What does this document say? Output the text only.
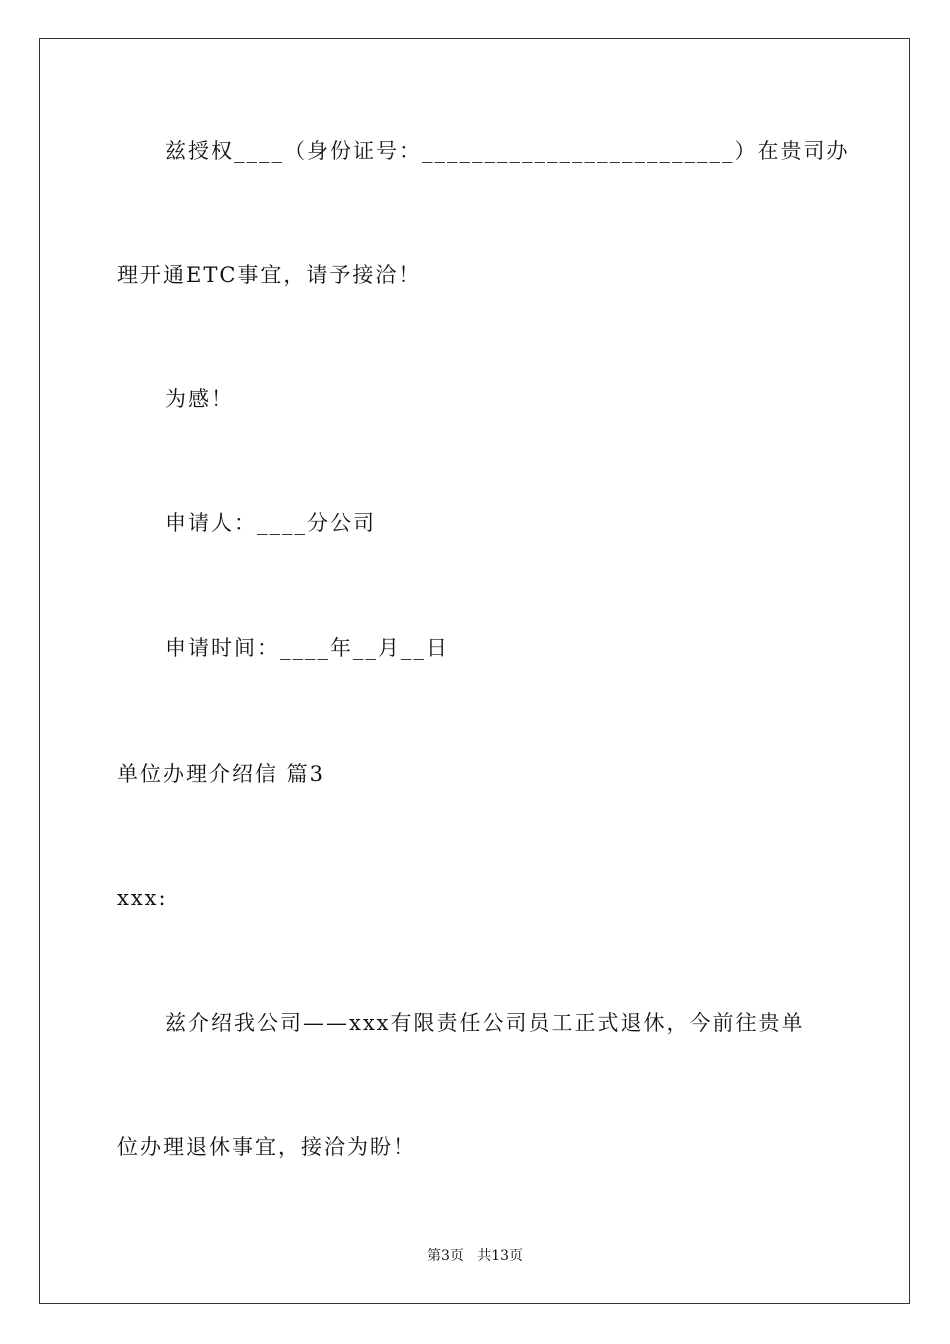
兹授权____（身份证号：_________________________）在贵司办
理开通ETC事宜，请予接洽！
为感！
申请人：____分公司
申请时间：____年__月__日
单位办理介绍信 篇3
xxx:
兹介绍我公司——xxx有限责任公司员工正式退休，今前往贵单
位办理退休事宜，接洽为盼！
第3页   共13页
